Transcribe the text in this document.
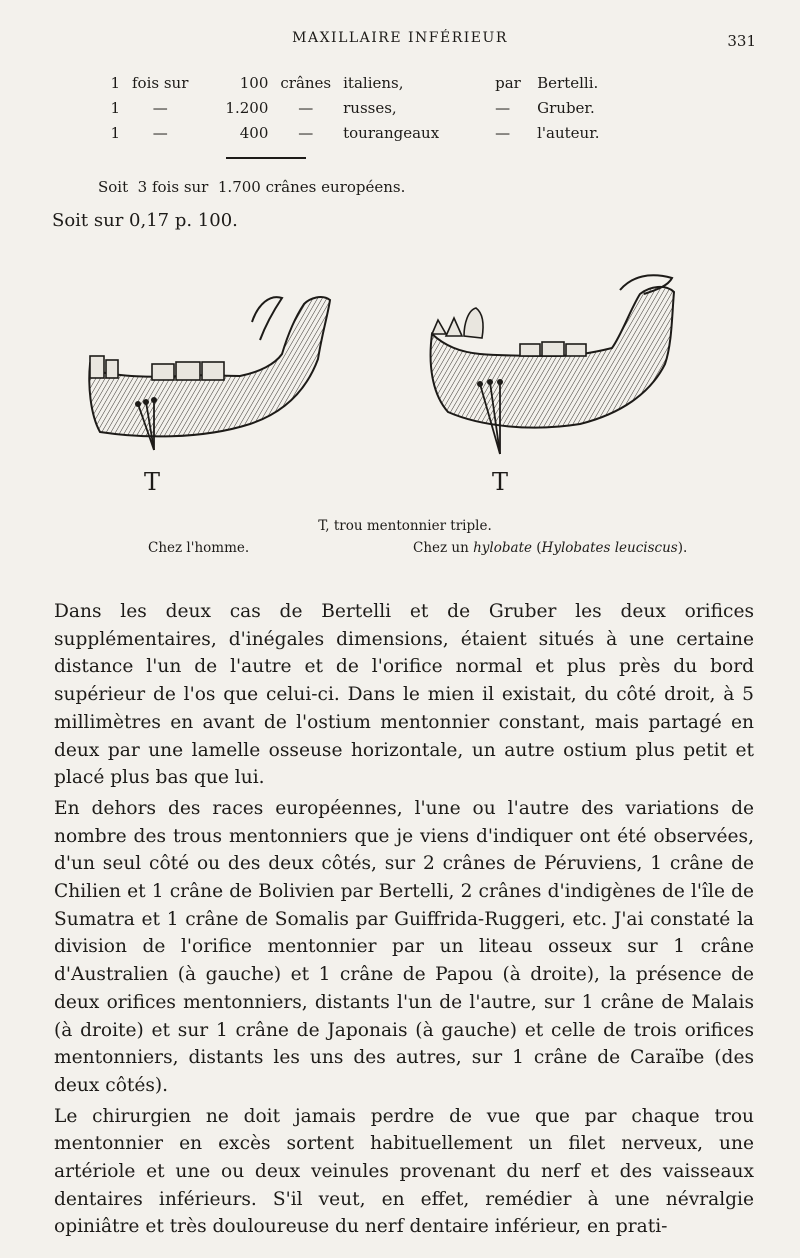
MAXILLAIRE INFÉRIEUR	331
1	fois sur	100	crânes	italiens,	par	Bertelli.
1	—	1.200	—	russes,	—	Gruber.
1	—	400	—	tourangeaux	—	l'auteur.

Soit  3 fois sur  1.700 crânes européens.						
Soit sur 0,17 p. 100.
T	T
T, trou mentonnier triple.
Chez l'homme.	Chez un hylobate (Hylobates leuciscus).

Dans les deux cas de Bertelli et de Gruber les deux orifices supplémentaires, d'inégales dimensions, étaient situés à une certaine distance l'un de l'autre et de l'orifice normal et plus près du bord supérieur de l'os que celui-ci. Dans le mien il existait, du côté droit, à 5 millimètres en avant de l'ostium mentonnier constant, mais partagé en deux par une lamelle osseuse horizontale, un autre ostium plus petit et placé plus bas que lui.

En dehors des races européennes, l'une ou l'autre des variations de nombre des trous mentonniers que je viens d'indiquer ont été observées, d'un seul côté ou des deux côtés, sur 2 crânes de Péruviens, 1 crâne de Chilien et 1 crâne de Bolivien par Bertelli, 2 crânes d'indigènes de l'île de Sumatra et 1 crâne de Somalis par Guiffrida-Ruggeri, etc. J'ai constaté la division de l'orifice mentonnier par un liteau osseux sur 1 crâne d'Australien (à gauche) et 1 crâne de Papou (à droite), la présence de deux orifices mentonniers, distants l'un de l'autre, sur 1 crâne de Malais (à droite) et sur 1 crâne de Japonais (à gauche) et celle de trois orifices mentonniers, distants les uns des autres, sur 1 crâne de Caraïbe (des deux côtés).

Le chirurgien ne doit jamais perdre de vue que par chaque trou mentonnier en excès sortent habituellement un filet nerveux, une artériole et une ou deux veinules provenant du nerf et des vaisseaux dentaires inférieurs. S'il veut, en effet, remédier à une névralgie opiniâtre et très douloureuse du nerf dentaire inférieur, en prati-
